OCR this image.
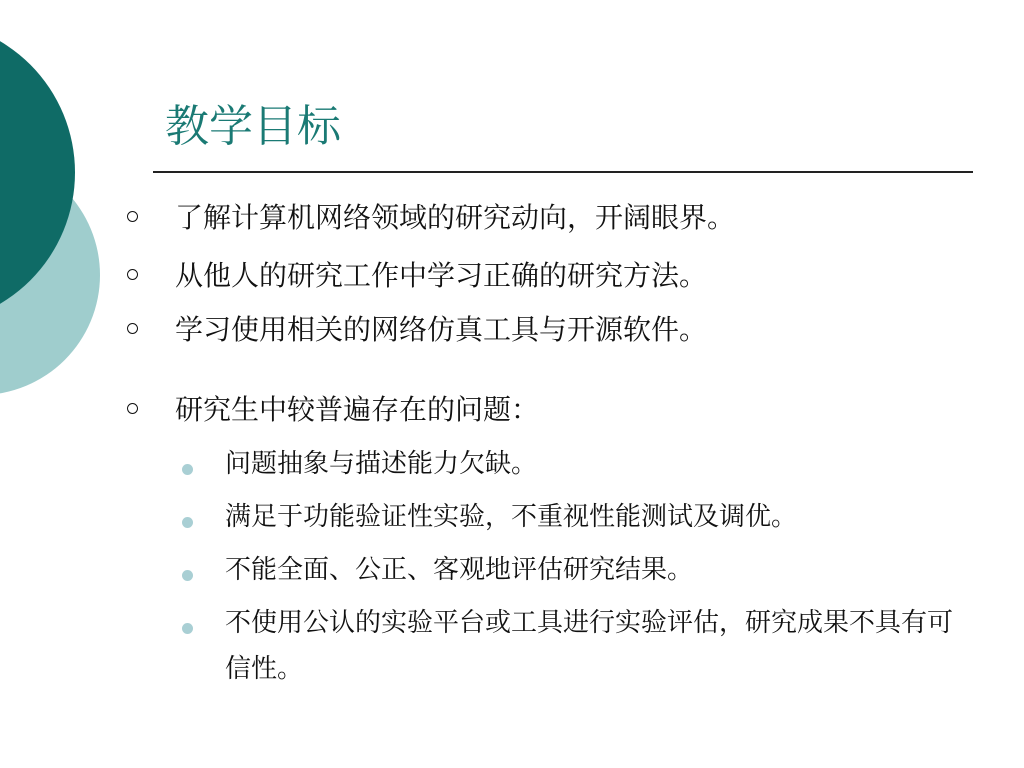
教学目标
了解计算机网络领域的研究动向，开阔眼界。
从他人的研究工作中学习正确的研究方法。
学习使用相关的网络仿真工具与开源软件。
研究生中较普遍存在的问题：
问题抽象与描述能力欠缺。
满足于功能验证性实验，不重视性能测试及调优。
不能全面、公正、客观地评估研究结果。
不使用公认的实验平台或工具进行实验评估，研究成果不具有可信性。
